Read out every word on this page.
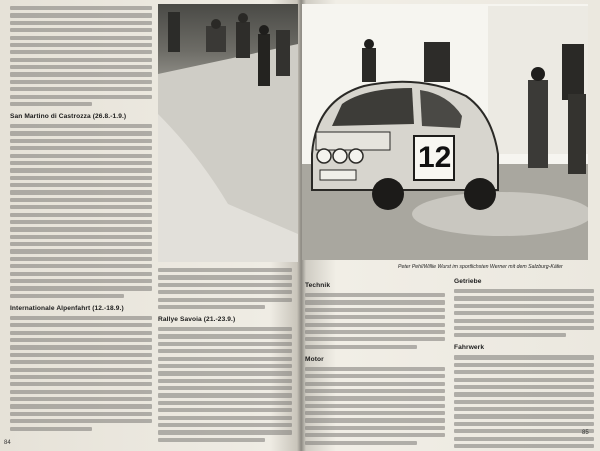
San Martino di Castrozza (26.8.-1.9.)
Internationale Alpenfahrt (12.-18.9.)
Rallye Savoia (21.-23.9.)
84
Technik
Motor
Getriebe
Fahrwerk
85
12
Peter Pehl/Willie Wurst im sportlichsten Werner mit dem Salzburg-Käfer
